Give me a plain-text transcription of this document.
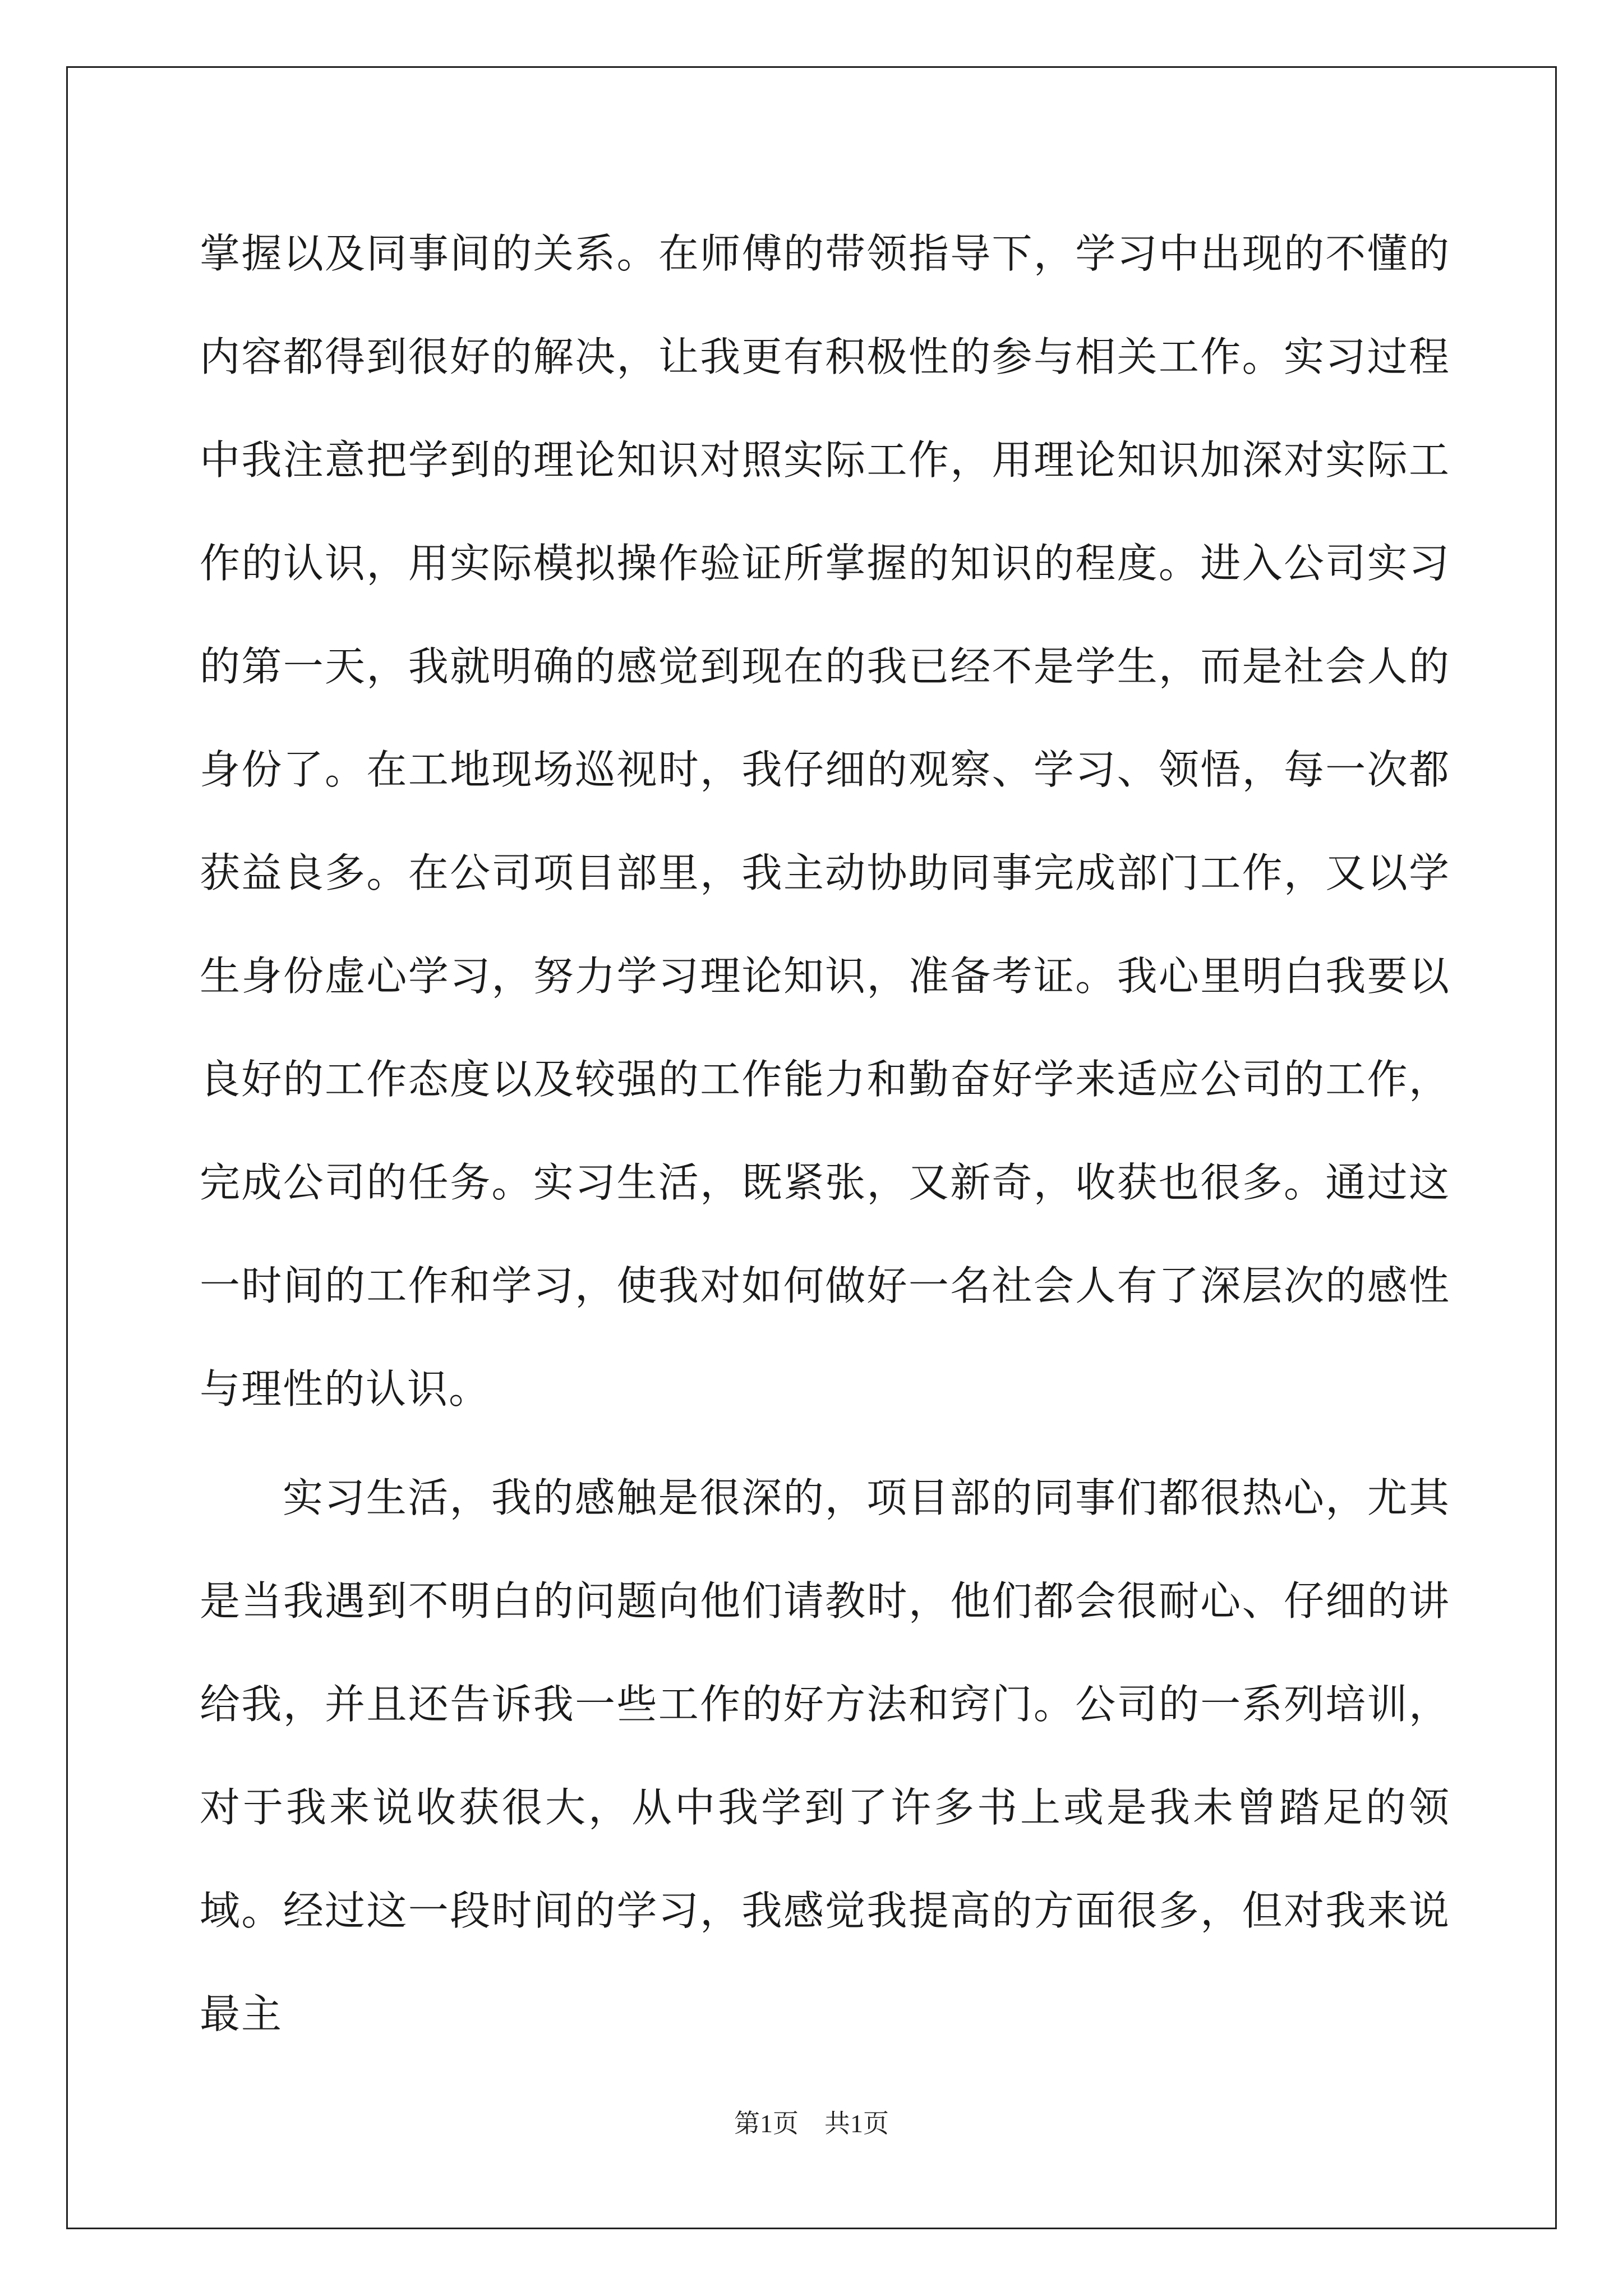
掌握以及同事间的关系。在师傅的带领指导下，学习中出现的不懂的内容都得到很好的解决，让我更有积极性的参与相关工作。实习过程中我注意把学到的理论知识对照实际工作，用理论知识加深对实际工作的认识，用实际模拟操作验证所掌握的知识的程度。进入公司实习的第一天，我就明确的感觉到现在的我已经不是学生，而是社会人的身份了。在工地现场巡视时，我仔细的观察、学习、领悟，每一次都获益良多。在公司项目部里，我主动协助同事完成部门工作，又以学生身份虚心学习，努力学习理论知识，准备考证。我心里明白我要以良好的工作态度以及较强的工作能力和勤奋好学来适应公司的工作，完成公司的任务。实习生活，既紧张，又新奇，收获也很多。通过这一时间的工作和学习，使我对如何做好一名社会人有了深层次的感性与理性的认识。

实习生活，我的感触是很深的，项目部的同事们都很热心，尤其是当我遇到不明白的问题向他们请教时，他们都会很耐心、仔细的讲给我，并且还告诉我一些工作的好方法和窍门。公司的一系列培训，对于我来说收获很大，从中我学到了许多书上或是我未曾踏足的领域。经过这一段时间的学习，我感觉我提高的方面很多，但对我来说最主

第1页 共1页
